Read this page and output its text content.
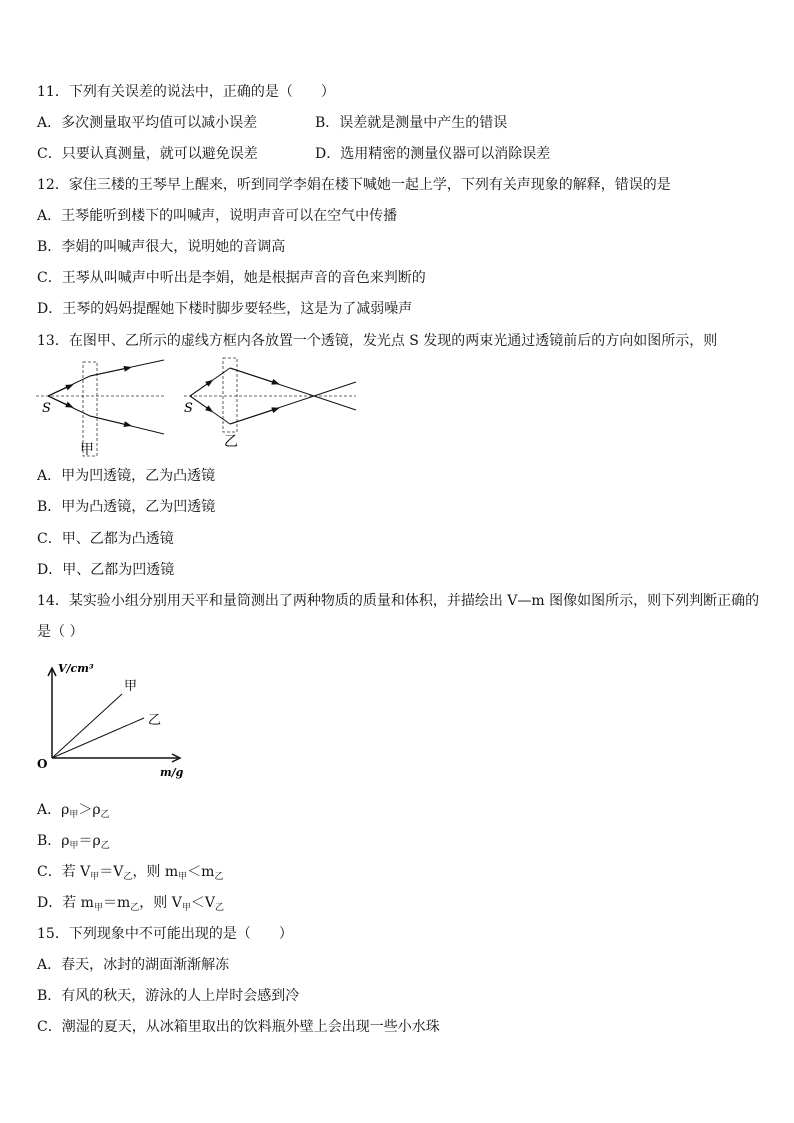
11．下列有关误差的说法中，正确的是（　　）
A．多次测量取平均值可以减小误差	B．误差就是测量中产生的错误
C．只要认真测量，就可以避免误差	D．选用精密的测量仪器可以消除误差
12．家住三楼的王琴早上醒来，听到同学李娟在楼下喊她一起上学，下列有关声现象的解释，错误的是
A．王琴能听到楼下的叫喊声，说明声音可以在空气中传播
B．李娟的叫喊声很大，说明她的音调高
C．王琴从叫喊声中听出是李娟，她是根据声音的音色来判断的
D．王琴的妈妈提醒她下楼时脚步要轻些，这是为了减弱噪声
13．在图甲、乙所示的虚线方框内各放置一个透镜，发光点 S 发现的两束光通过透镜前后的方向如图所示，则
S
甲
S
乙
A．甲为凹透镜，乙为凸透镜
B．甲为凸透镜，乙为凹透镜
C．甲、乙都为凸透镜
D．甲、乙都为凹透镜
14．某实验小组分别用天平和量筒测出了两种物质的质量和体积，并描绘出 V—m 图像如图所示，则下列判断正确的
是（ ）
V/cm³
m/g
O
甲
乙
A．$\rho_甲>\rho_乙$
B．$\rho_甲=\rho_乙$
C．若 $V_甲=V_乙$，则 $m_甲<m_乙$
D．若 $m_甲=m_乙$，则 $V_甲<V_乙$
15．下列现象中不可能出现的是（　　）
A．春天，冰封的湖面渐渐解冻
B．有风的秋天，游泳的人上岸时会感到冷
C．潮湿的夏天，从冰箱里取出的饮料瓶外壁上会出现一些小水珠
